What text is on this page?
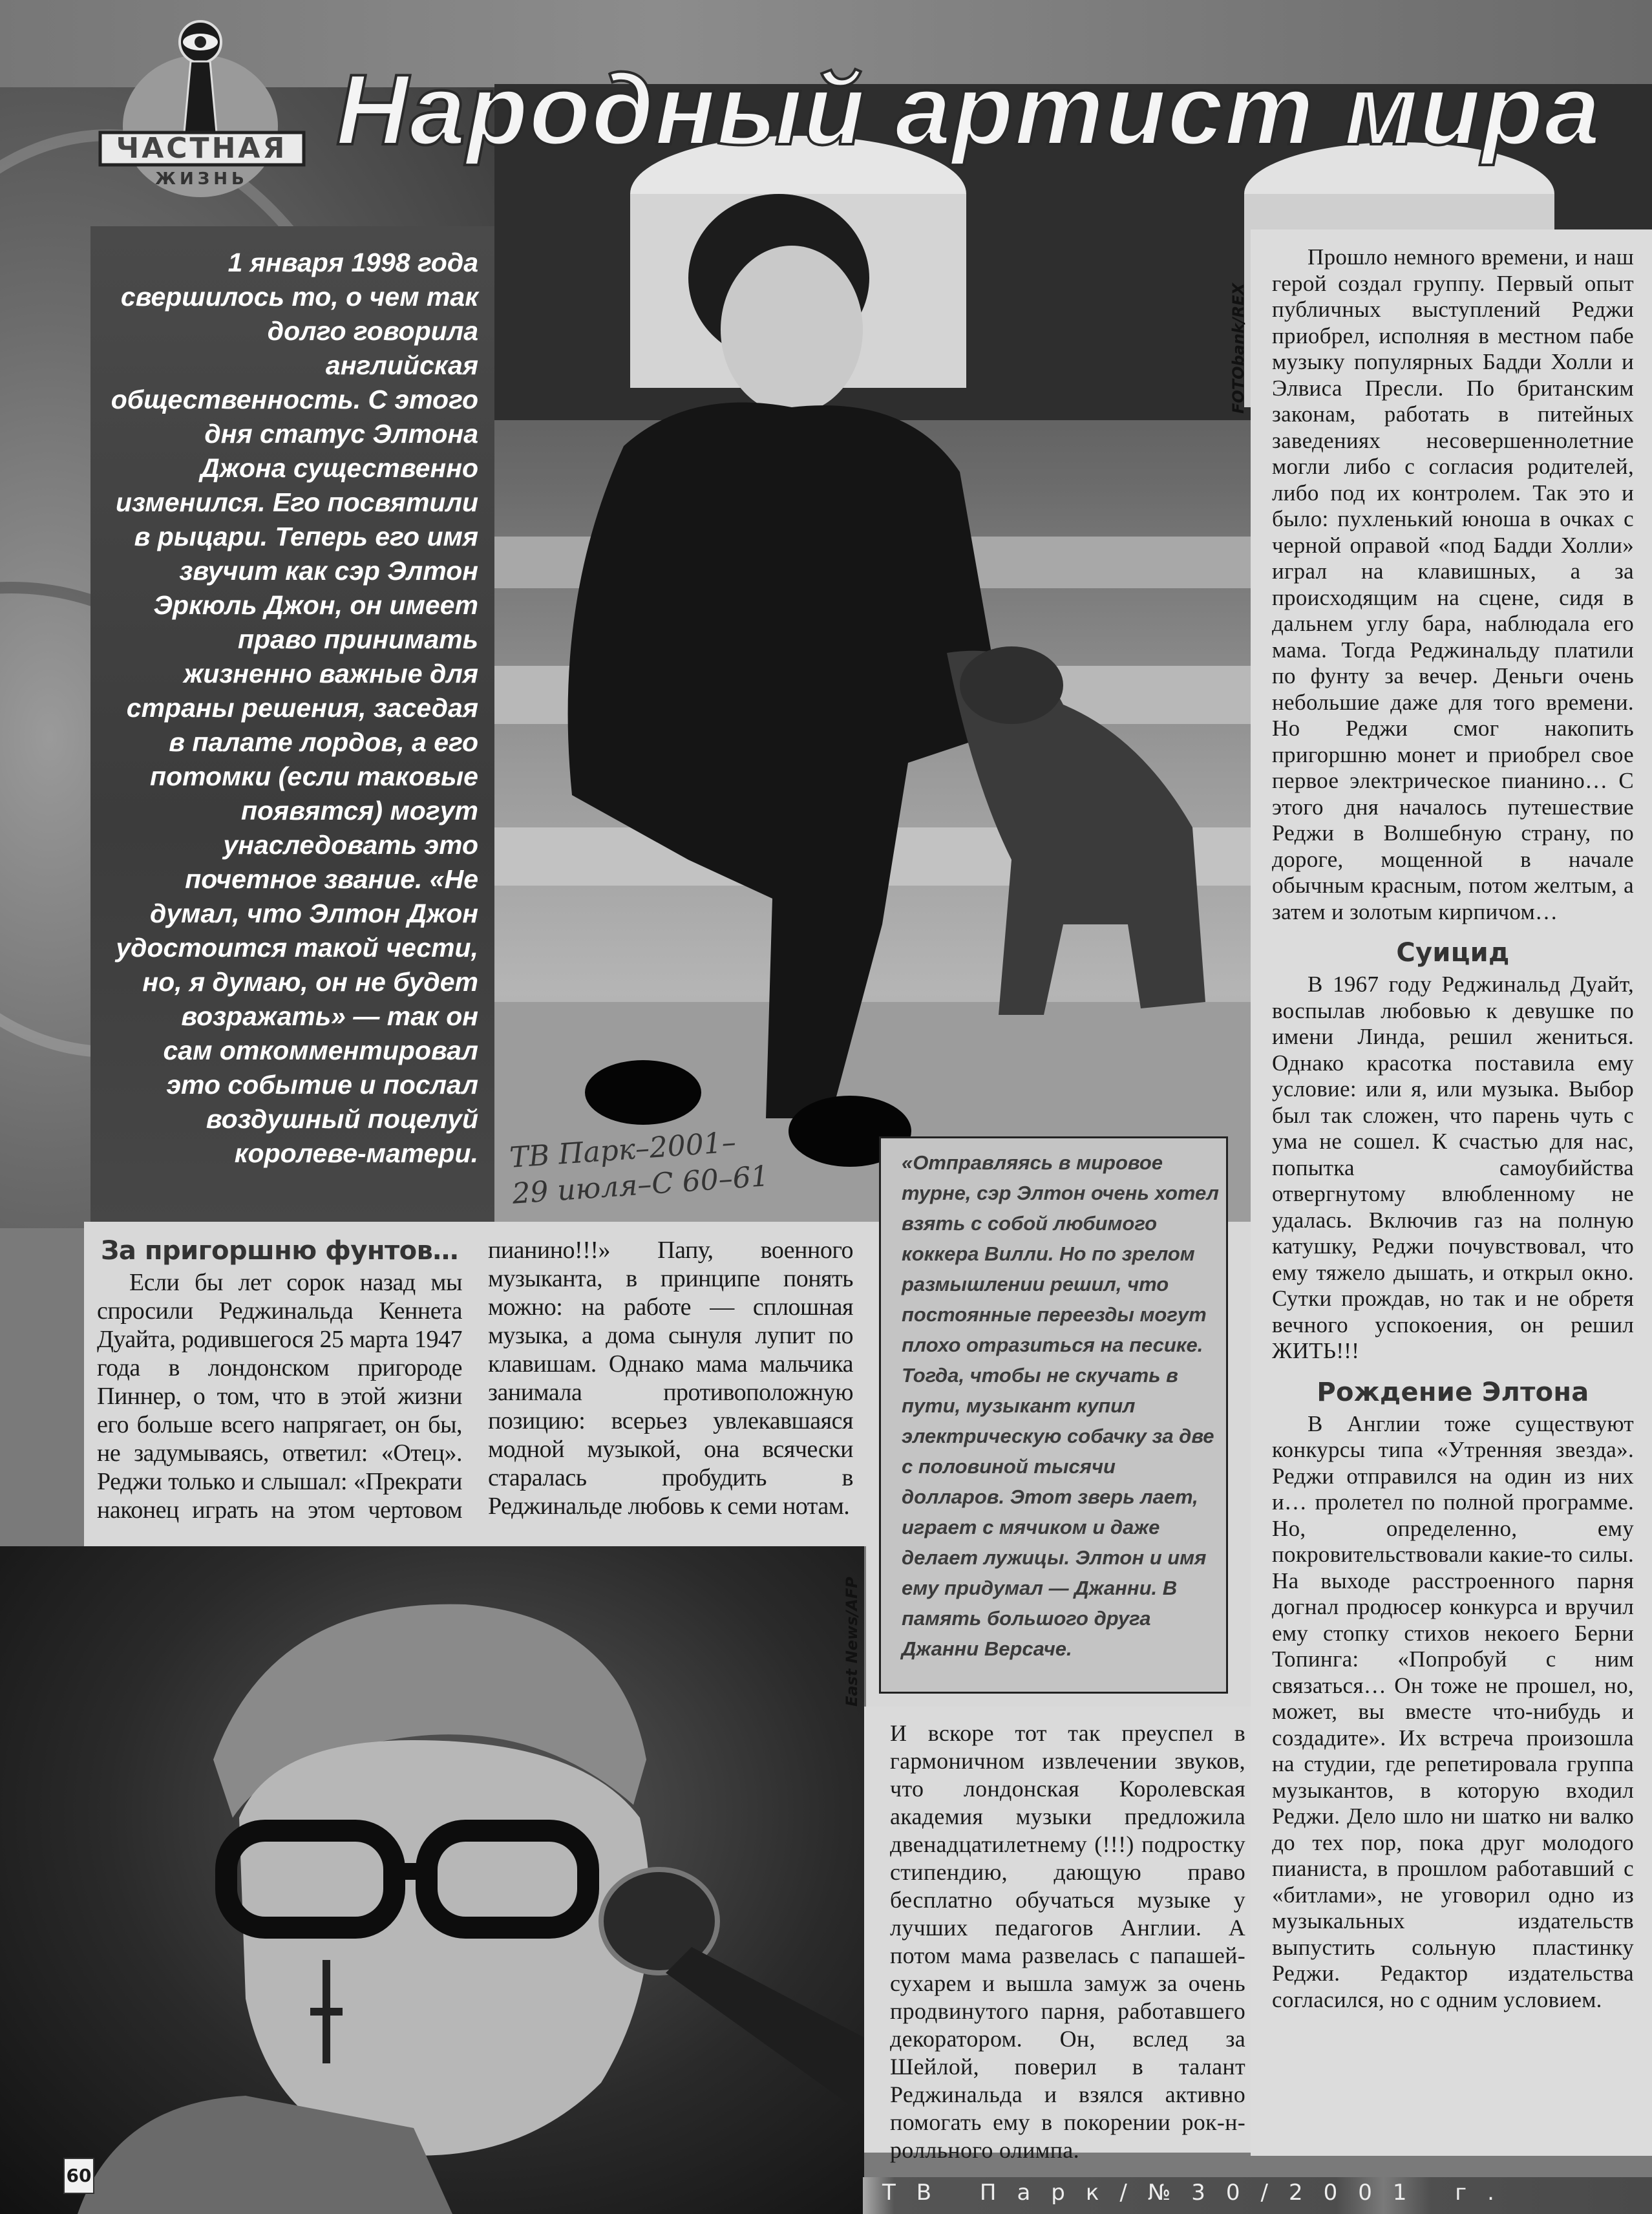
Народный артист мира
ЧАСТНАЯ
ЖИЗНЬ
FOTObank/REX
1 января 1998 года
свершилось то, о чем так
долго говорила
английская
общественность. С этого
дня статус Элтона
Джона существенно
изменился. Его посвятили
в рыцари. Теперь его имя
звучит как сэр Элтон
Эркюль Джон, он имеет
право принимать
жизненно важные для
страны решения, заседая
в палате лордов, а его
потомки (если таковые
появятся) могут
унаследовать это
почетное звание. «Не
думал, что Элтон Джон
удостоится такой чести,
но, я думаю, он не будет
возражать» — так он
сам откомментировал
это событие и послал
воздушный поцелуй
королеве-матери.

Прошло немного времени, и наш герой создал группу. Первый опыт публичных выступлений Реджи приобрел, исполняя в местном пабе музыку популярных Бадди Холли и Элвиса Пресли. По британским законам, работать в питейных заведениях несовершеннолетние могли либо с согласия родителей, либо под их контролем. Так это и было: пухленький юноша в очках с черной оправой «под Бадди Холли» играл на клавишных, а за происходящим на сцене, сидя в дальнем углу бара, наблюдала его мама. Тогда Реджинальду платили по фунту за вечер. Деньги очень небольшие даже для того времени. Но Реджи смог накопить пригоршню монет и приобрел свое первое электрическое пианино… С этого дня началось путешествие Реджи в Волшебную страну, по дороге, мощенной в начале обычным красным, потом желтым, а затем и золотым кирпичом…

Суицид

В 1967 году Реджинальд Дуайт, воспылав любовью к девушке по имени Линда, решил жениться. Однако красотка поставила ему условие: или я, или музыка. Выбор был так сложен, что парень чуть с ума не сошел. К счастью для нас, попытка самоубийства отвергнутому влюбленному не удалась. Включив газ на полную катушку, Реджи почувствовал, что ему тяжело дышать, и открыл окно. Сутки прождав, но так и не обретя вечного успокоения, он решил ЖИТЬ!!!

Рождение Элтона

В Англии тоже существуют конкурсы типа «Утренняя звезда». Реджи отправился на один из них и… пролетел по полной программе. Но, определенно, ему покровительствовали какие-то силы. На выходе расстроенного парня догнал продюсер конкурса и вручил ему стопку стихов некоего Берни Топинга: «Попробуй с ним связаться… Он тоже не прошел, но, может, вы вместе что-нибудь и создадите». Их встреча произошла на студии, где репетировала группа музыкантов, в которую входил Реджи. Дело шло ни шатко ни валко до тех пор, пока друг молодого пианиста, в прошлом работавший с «битлами», не уговорил одно из музыкальных издательств выпустить сольную пластинку Реджи. Редактор издательства согласился, но с одним условием.

За пригоршню фунтов…

Если бы лет сорок назад мы спросили Реджинальда Кеннета Дуайта, родившегося 25 марта 1947 года в лондонском пригороде Пиннер, о том, что в этой жизни его больше всего напрягает, он бы, не задумываясь, ответил: «Отец». Реджи только и слышал: «Прекрати наконец играть на этом чертовом пианино!!!» Папу, военного музыканта, в принципе понять можно: на работе — сплошная музыка, а дома сынуля лупит по клавишам. Однако мама мальчика занимала противоположную позицию: всерьез увлекавшаяся модной музыкой, она всячески старалась пробудить в Реджинальде любовь к семи нотам.

«Отправляясь в мировое турне, сэр Элтон очень хотел взять с собой любимого коккера Вилли. Но по зрелом размышлении решил, что постоянные переезды могут плохо отразиться на песике. Тогда, чтобы не скучать в пути, музыкант купил электрическую собачку за две с половиной тысячи долларов. Этот зверь лает, играет с мячиком и даже делает лужицы. Элтон и имя ему придумал — Джанни. В память большого друга Джанни Версаче.
ТВ Парк–2001–
29 июля–С 60–61
East News/AFP

И вскоре тот так преуспел в гармоничном извлечении звуков, что лондонская Королевская академия музыки предложила двенадцатилетнему (!!!) подростку стипендию, дающую право бесплатно обучаться музыке у лучших педагогов Англии. А потом мама развелась с папашей-сухарем и вышла замуж за очень продвинутого парня, работавшего декоратором. Он, вслед за Шейлой, поверил в талант Реджинальда и взялся активно помогать ему в покорении рок-н-ролльного олимпа.

ТВ Парк/№30/2001 г.
60
